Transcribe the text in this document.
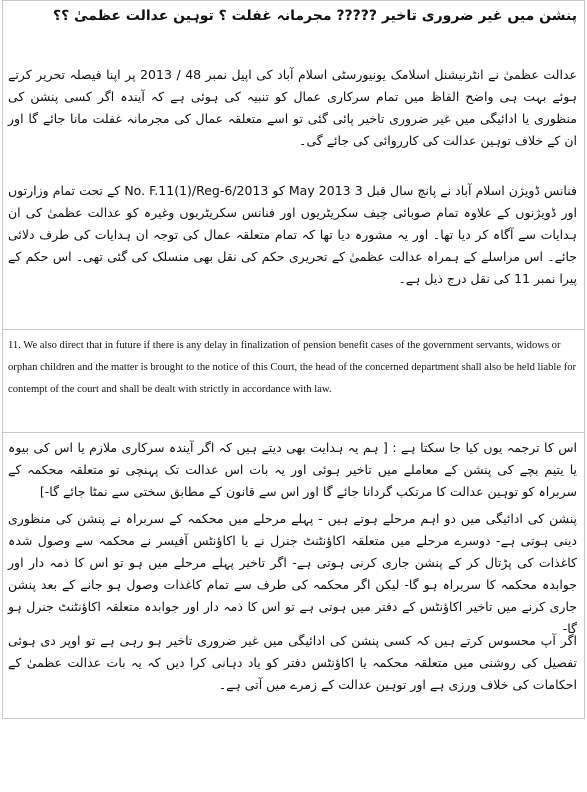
پنشن میں غیر ضروری تاخیر ????? مجرمانہ غفلت ؟ توہین عدالت عظمیٰ ؟؟
عدالت عظمیٰ نے انٹرنیشنل اسلامک یونیورسٹی اسلام آباد کی اپیل نمبر 48 / 2013 پر اپنا فیصلہ تحریر کرتے ہوئے بہت ہی واضح الفاظ میں تمام سرکاری عمال کو تنبیہ کی ہوئی ہے کہ آیندہ اگر کسی پنشن کی منظوری یا ادائیگی میں غیر ضروری تاخیر پائی گئی تو اسے متعلقہ عمال کی مجرمانہ غفلت مانا جائے گا اور ان کے خلاف توہین عدالت کی کارروائی کی جائے گی۔
فنانس ڈویژن اسلام آباد نے پانچ سال قبل 3 May 2013 کو No. F.11(1)/Reg-6/2013 کے تحت تمام وزارتوں اور ڈویژنوں کے علاوہ تمام صوبائی چیف سکریٹریوں اور فنانس سکریٹریوں وغیرہ کو عدالت عظمیٰ کی ان ہدایات سے آگاہ کر دیا تھا۔ اور یہ مشورہ دیا تھا کہ تمام متعلقہ عمال کی توجہ ان ہدایات کی طرف دلائی جائے۔ اس مراسلے کے ہمراہ عدالت عظمیٰ کے تحریری حکم کی نقل بھی منسلک کی گئی تھی۔ اس حکم کے پیرا نمبر 11 کی نقل درج ذیل ہے۔
11. We also direct that in future if there is any delay in finalization of pension benefit cases of the government servants, widows or orphan children and the matter is brought to the notice of this Court, the head of the concerned department shall also be held liable for contempt of the court and shall be dealt with strictly in accordance with law.
اس کا ترجمہ یوں کیا جا سکتا ہے : [ ہم یہ ہدایت بھی دیتے ہیں کہ اگر آیندہ سرکاری ملازم یا اس کی بیوہ یا یتیم بچے کی پنشن کے معاملے میں تاخیر ہوئی اور یہ بات اس عدالت تک پہنچی تو متعلقہ محکمہ کے سربراہ کو توہین عدالت کا مرتکب گردانا جائے گا اور اس سے قانون کے مطابق سختی سے نمٹا جائے گا-]
پنشن کی ادائیگی میں دو اہم مرحلے ہوتے ہیں - پہلے مرحلے میں محکمہ کے سربراہ نے پنشن کی منظوری دینی ہوتی ہے- دوسرے مرحلے میں متعلقہ اکاؤنٹنٹ جنرل نے یا اکاؤنٹس آفیسر نے محکمہ سے وصول شدہ کاغذات کی پڑتال کر کے پنشن جاری کرنی ہوتی ہے- اگر تاخیر پہلے مرحلے میں ہو تو اس کا ذمہ دار اور جوابدہ محکمہ کا سربراہ ہو گا- لیکن اگر محکمہ کی طرف سے تمام کاغذات وصول ہو جانے کے بعد پنشن جاری کرنے میں تاخیر اکاؤنٹس کے دفتر میں ہوتی ہے تو اس کا ذمہ دار اور جوابدہ متعلقہ اکاؤنٹنٹ جنرل ہو گا-
اگر آپ محسوس کرتے ہیں کہ کسی پنشن کی ادائیگی میں غیر ضروری تاخیر ہو رہی ہے تو اوپر دی ہوئی تفصیل کی روشنی میں متعلقہ محکمہ یا اکاؤنٹس دفتر کو یاد دہانی کرا دیں کہ یہ بات عدالت عظمیٰ کے احکامات کی خلاف ورزی ہے اور توہین عدالت کے زمرے میں آتی ہے۔
